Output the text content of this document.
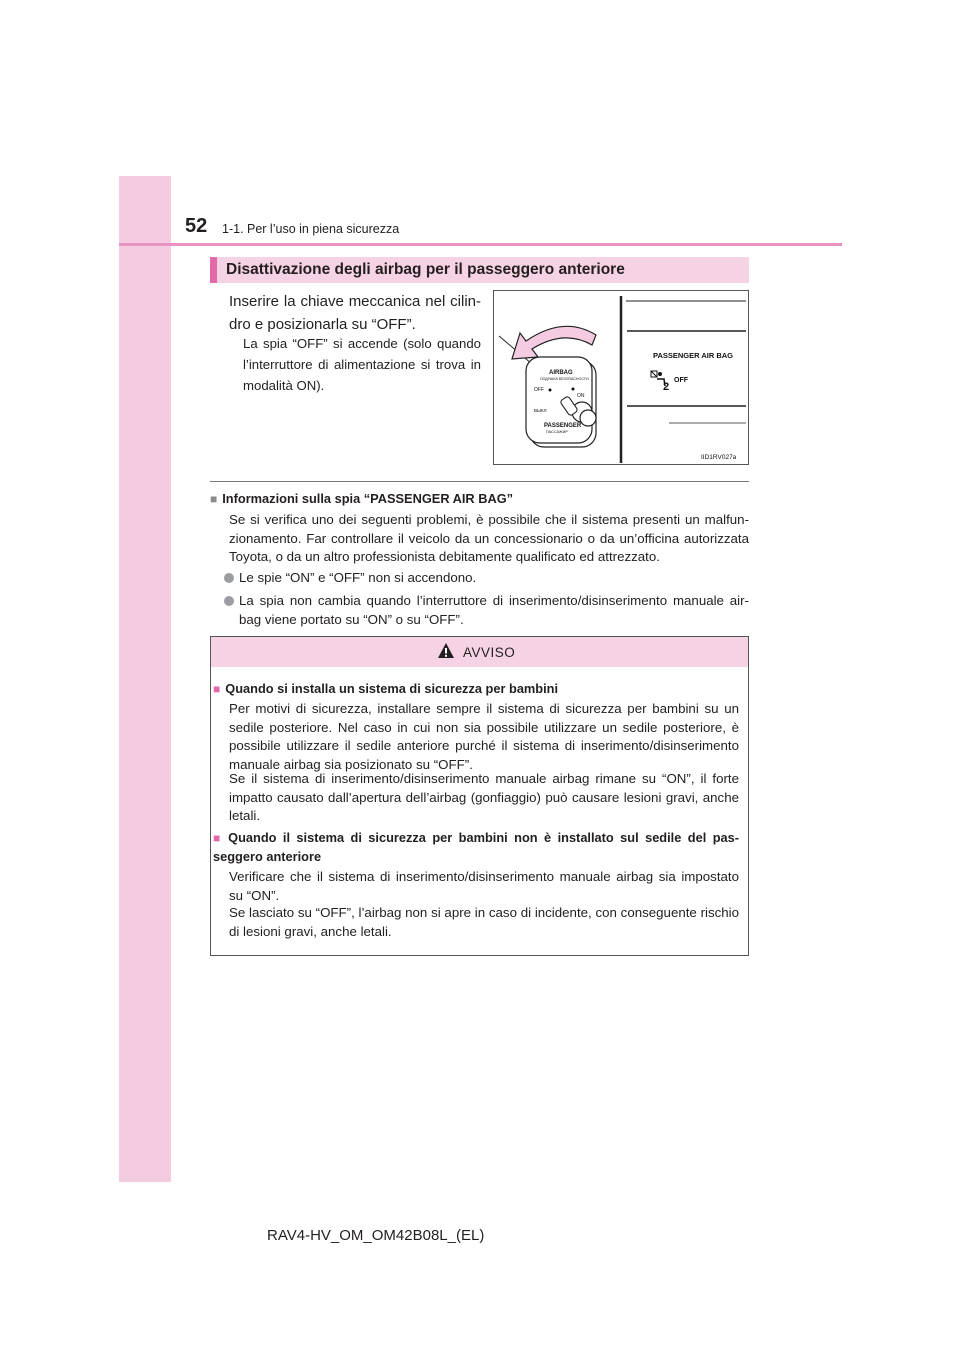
52 1-1. Per l’uso in piena sicurezza
Disattivazione degli airbag per il passeggero anteriore
Inserire la chiave meccanica nel cilin-dro e posizionarla su “OFF”.
La spia “OFF” si accende (solo quando l’interruttore di alimentazione si trova in modalità ON).
PASSENGER AIR BAG
2
OFF
AIRBAG
ПОДУШКА БЕЗОПАСНОСТИ
OFF
ON
ВЫКЛ
PASSENGER
ПАССАЖИР
IID1RV027a
■ Informazioni sulla spia “PASSENGER AIR BAG”
Se si verifica uno dei seguenti problemi, è possibile che il sistema presenti un malfun-zionamento. Far controllare il veicolo da un concessionario o da un’officina autorizzata Toyota, o da un altro professionista debitamente qualificato ed attrezzato.
Le spie “ON” e “OFF” non si accendono.
La spia non cambia quando l’interruttore di inserimento/disinserimento manuale air-bag viene portato su “ON” o su “OFF”.
AVVISO
■ Quando si installa un sistema di sicurezza per bambini
Per motivi di sicurezza, installare sempre il sistema di sicurezza per bambini su un sedile posteriore. Nel caso in cui non sia possibile utilizzare un sedile posteriore, è possibile utilizzare il sedile anteriore purché il sistema di inserimento/disinserimento manuale airbag sia posizionato su “OFF”.
Se il sistema di inserimento/disinserimento manuale airbag rimane su “ON”, il forte impatto causato dall’apertura dell’airbag (gonfiaggio) può causare lesioni gravi, anche letali.
■ Quando il sistema di sicurezza per bambini non è installato sul sedile del pas-seggero anteriore
Verificare che il sistema di inserimento/disinserimento manuale airbag sia impostato su “ON”.
Se lasciato su “OFF”, l’airbag non si apre in caso di incidente, con conseguente rischio di lesioni gravi, anche letali.
RAV4-HV_OM_OM42B08L_(EL)
